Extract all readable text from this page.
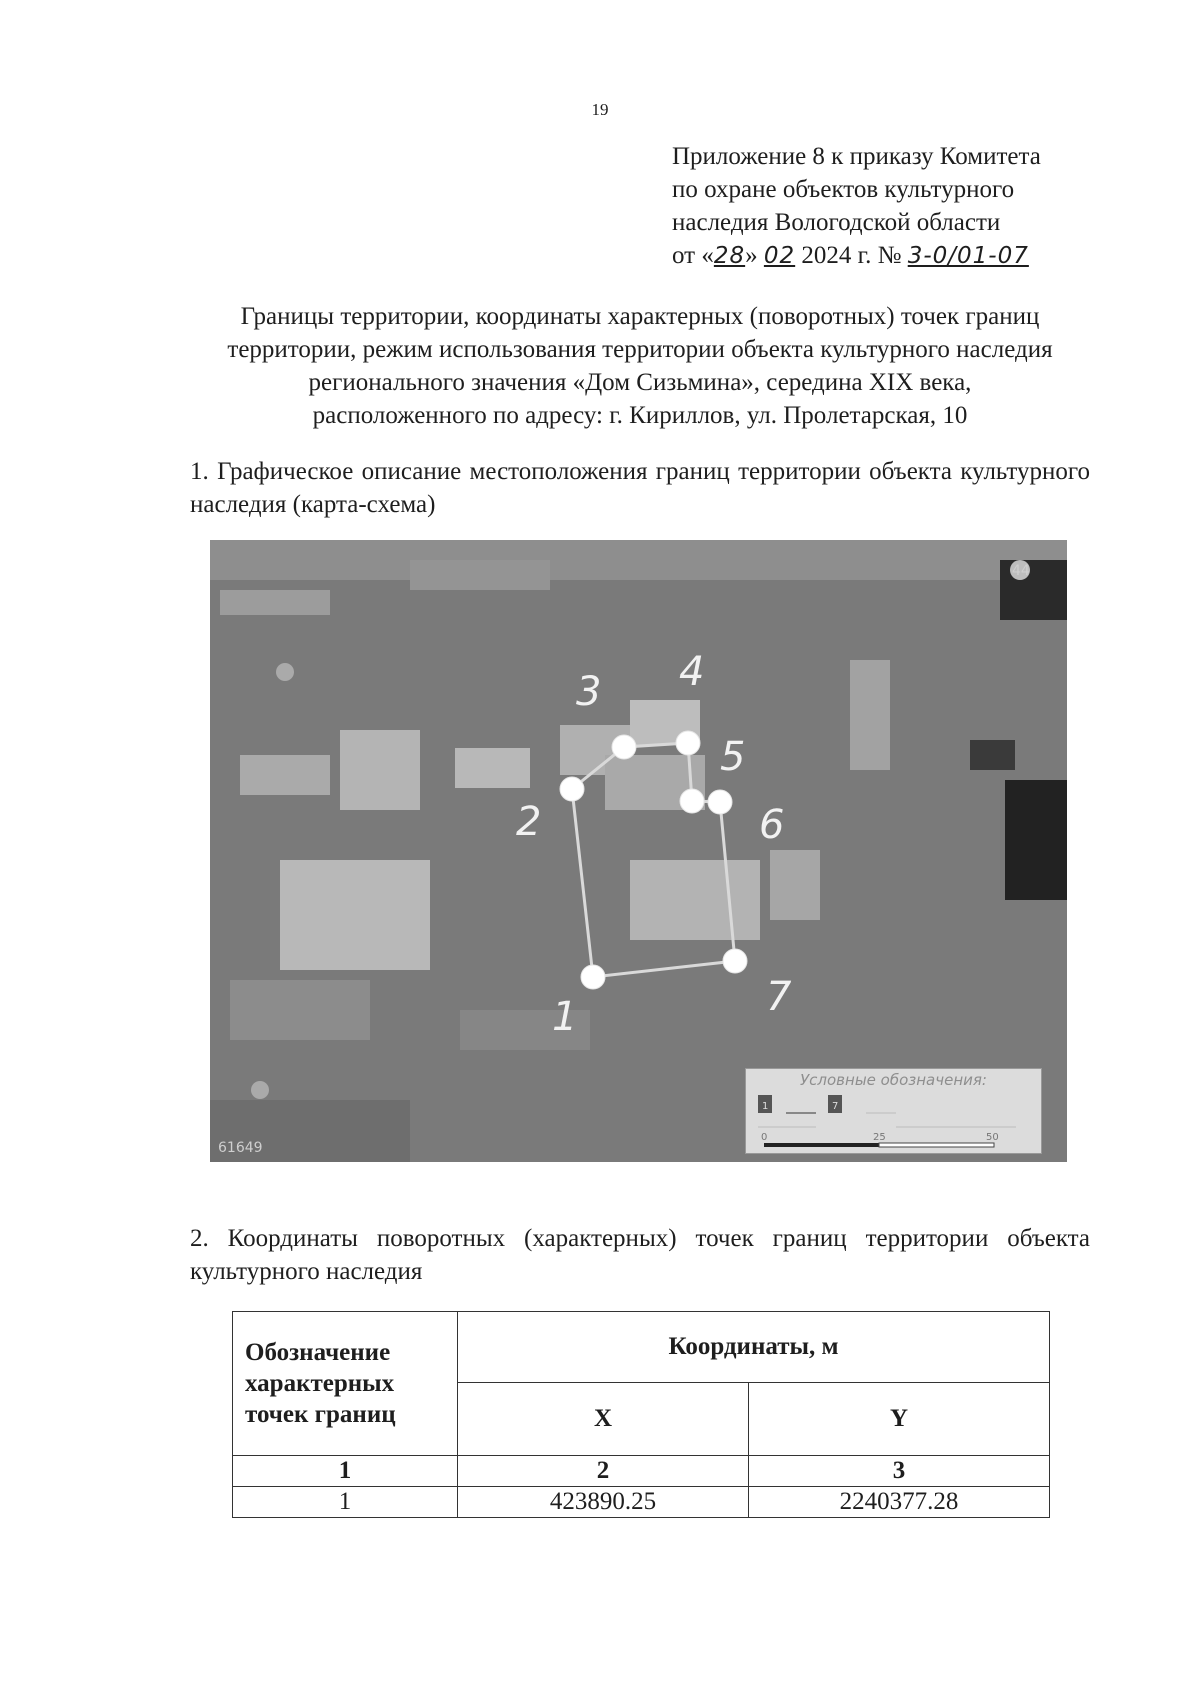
19
Приложение 8 к приказу Комитета
по охране объектов культурного
наследия Вологодской области
от «28» 02 2024 г. № 3-0/01-07
Границы территории, координаты характерных (поворотных) точек границ
территории, режим использования территории объекта культурного наследия
регионального значения «Дом Сизьмина», середина XIX века,
расположенного по адресу: г. Кириллов, ул. Пролетарская, 10
1. Графическое описание местоположения границ территории объекта культурного наследия (карта-схема)
1
2
3 4
5
6
7
44
61649
Условные обозначения:
1	7
0	25	50
2. Координаты поворотных (характерных) точек границ территории объекта культурного наследия
Обозначение
характерных
точек границ	Координаты, м	
	X	Y
1	2	3
1	423890.25	2240377.28
